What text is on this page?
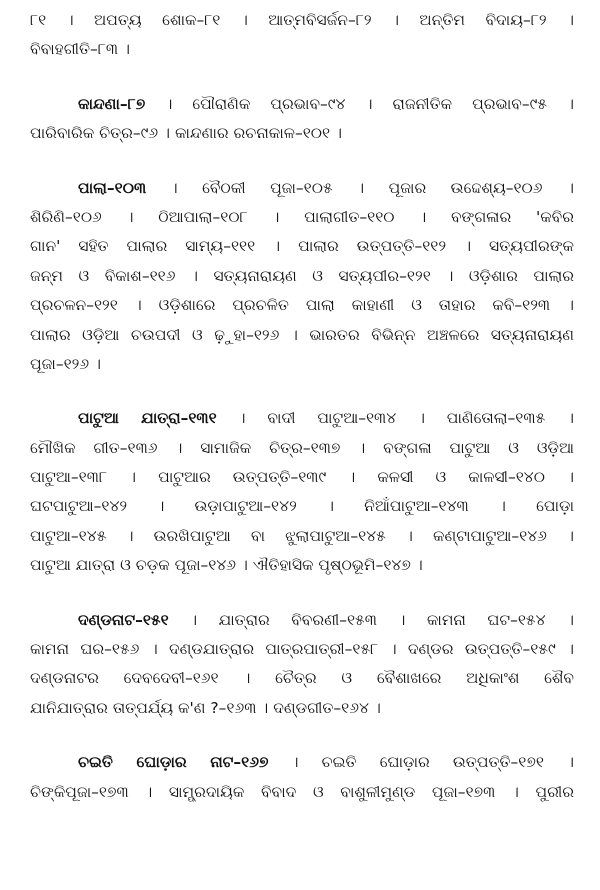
୮୧ । ଅପତ୍ୟ ଶୋକ–୮୧ । ଆତ୍ମବିସର୍ଜନ–୮୨ । ଅନ୍ତିମ ବିଦାୟ–୮୨ ।
ବିବାହଗୀତି–୮୩ ।
କାନ୍ଦଣା–୮୭ । ପୌରାଣିକ ପ୍ରଭାବ–୯୪ । ରାଜନୀତିକ ପ୍ରଭାବ–୯୫ ।
ପାରିବାରିକ ଚିତ୍ର–୯୬ । କାନ୍ଦଣାର ରଚନାକାଳ–୧୦୧ ।
ପାଲା–୧୦୩ । ବୈଠକୀ ପୂଜା–୧୦୫ । ପୂଜାର ଉଦ୍ଦେଶ୍ୟ–୧୦୬ ।
ଶିରିଣି–୧୦୬ । ଠିଆପାଲା–୧୦୮ । ପାଲାଗୀତ–୧୧୦ । ବଙ୍ଗଳାର 'କବିର
ଗାନ' ସହିତ ପାଲାର ସାମ୍ୟ–୧୧୧ । ପାଲାର ଉତ୍ପତ୍ତି–୧୧୨ । ସତ୍ୟପୀରଙ୍କ
ଜନ୍ମ ଓ ବିକାଶ–୧୧୬ । ସତ୍ୟନାରାୟଣ ଓ ସତ୍ୟପୀର–୧୨୧ । ଓଡ଼ିଶାର ପାଲାର
ପ୍ରଚଳନ–୧୨୧ । ଓଡ଼ିଶାରେ ପ୍ରଚଳିତ ପାଲା କାହାଣୀ ଓ ତାହାର କବି–୧୨୩ ।
ପାଲାର ଓଡ଼ିଆ ଚଉପଦୀ ଓ ଢ଼ୁହା–୧୨୬ । ଭାରତର ବିଭିନ୍ନ ଅଞ୍ଚଳରେ ସତ୍ୟନାରାୟଣ
ପୂଜା–୧୨୬ ।
ପାଟୁଆ ଯାତ୍ରା–୧୩୧ । ବାଦୀ ପାଟୁଆ–୧୩୪ । ପାଣିତୋଲା–୧୩୫ ।
ମୌଖିକ ଗୀତ–୧୩୬ । ସାମାଜିକ ଚିତ୍ର–୧୩୭ । ବଙ୍ଗଳା ପାଟୁଆ ଓ ଓଡ଼ିଆ
ପାଟୁଆ–୧୩୮ । ପାଟୁଆର ଉତ୍ପତ୍ତି–୧୩୯ । କଳସୀ ଓ କାଳସୀ–୧୪୦ ।
ଘଟପାଟୁଆ–୧୪୨ । ଉଡ଼ାପାଟୁଆ–୧୪୨ । ନିଆଁପାଟୁଆ–୧୪୩ । ପୋଡ଼ା
ପାଟୁଆ–୧୪୫ । ଉରଖିପାଟୁଆ ବା ଝୁଲାପାଟୁଆ–୧୪୫ । କଣ୍ଟାପାଟୁଆ–୧୪୬ ।
ପାଟୁଆ ଯାତ୍ରା ଓ ଚଡ଼କ ପୂଜା–୧୪୬ । ଐତିହାସିକ ପୃଷ୍ଠଭୂମି–୧୪୭ ।
ଦଣ୍ଡନାଟ–୧୫୧ । ଯାତ୍ରାର ବିବରଣୀ–୧୫୩ । କାମନା ଘଟ–୧୫୪ ।
କାମନା ଘର–୧୫୬ । ଦଣ୍ଡଯାତ୍ରାର ପାତ୍ରପାତ୍ରୀ–୧୫୮ । ଦଣ୍ଡର ଉତ୍ପତ୍ତି–୧୫୯ ।
ଦଣ୍ଡନାଟର ଦେବଦେବୀ–୧୬୧ । ଚୈତ୍ର ଓ ବୈଶାଖରେ ଅଧିକାଂଶ ଶୈବ
ଯାନିଯାତ୍ରାର ତାତ୍ପର୍ଯ୍ୟ କ'ଣ ?–୧୬୩ । ଦଣ୍ଡଗୀତ–୧୬୪ ।
ଚଇତି ଘୋଡ଼ାର ନାଟ–୧୬୭ । ଚଇତି ଘୋଡ଼ାର ଉତ୍ପତ୍ତି–୧୭୧ ।
ଚିଙ୍କିପୂଜା–୧୭୩ । ସାମ୍ପ୍ରଦାୟିକ ବିବାଦ ଓ ବାଶୁଳୀମୁଣ୍ଡ ପୂଜା–୧୭୩ । ପୁରୀର
